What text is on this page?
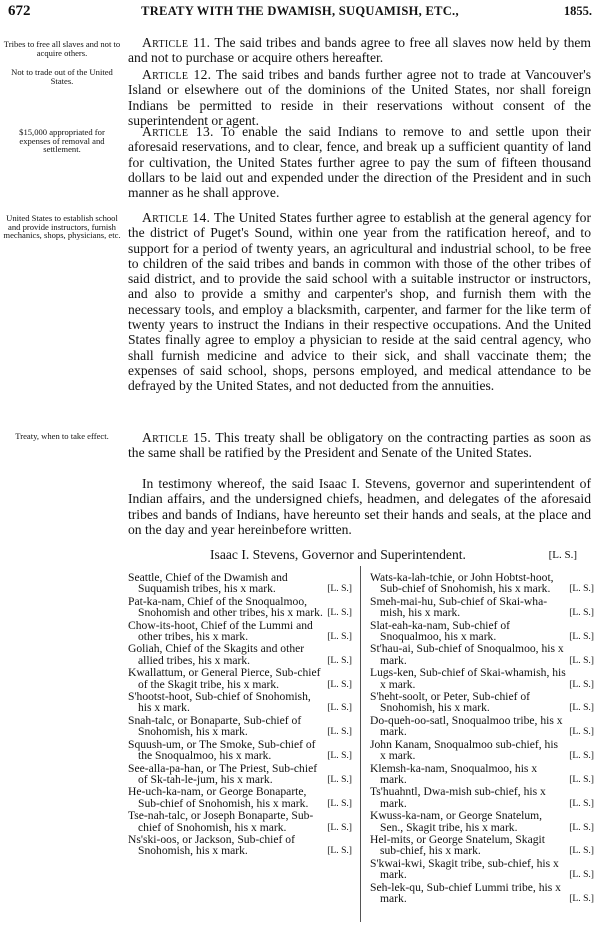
672	TREATY WITH THE DWAMISH, SUQUAMISH, ETC.,	1855.
Tribes to free all slaves and not to acquire others.
Not to trade out of the United States.
$15,000 appropriated for expenses of removal and settlement.
United States to establish school and provide instructors, furnish mechanics, shops, physicians, etc.
Treaty, when to take effect.
Article 11. The said tribes and bands agree to free all slaves now held by them and not to purchase or acquire others hereafter.
Article 12. The said tribes and bands further agree not to trade at Vancouver's Island or elsewhere out of the dominions of the United States, nor shall foreign Indians be permitted to reside in their reservations without consent of the superintendent or agent.
Article 13. To enable the said Indians to remove to and settle upon their aforesaid reservations, and to clear, fence, and break up a sufficient quantity of land for cultivation, the United States further agree to pay the sum of fifteen thousand dollars to be laid out and expended under the direction of the President and in such manner as he shall approve.
Article 14. The United States further agree to establish at the general agency for the district of Puget's Sound, within one year from the ratification hereof, and to support for a period of twenty years, an agricultural and industrial school, to be free to children of the said tribes and bands in common with those of the other tribes of said district, and to provide the said school with a suitable instructor or instructors, and also to provide a smithy and carpenter's shop, and furnish them with the necessary tools, and employ a blacksmith, carpenter, and farmer for the like term of twenty years to instruct the Indians in their respective occupations. And the United States finally agree to employ a physician to reside at the said central agency, who shall furnish medicine and advice to their sick, and shall vaccinate them; the expenses of said school, shops, persons employed, and medical attendance to be defrayed by the United States, and not deducted from the annuities.
Article 15. This treaty shall be obligatory on the contracting parties as soon as the same shall be ratified by the President and Senate of the United States.
In testimony whereof, the said Isaac I. Stevens, governor and superintendent of Indian affairs, and the undersigned chiefs, headmen, and delegates of the aforesaid tribes and bands of Indians, have hereunto set their hands and seals, at the place and on the day and year hereinbefore written.
Isaac I. Stevens, Governor and Superintendent.	[L. S.]
Seattle, Chief of the Dwamish and Suquamish tribes, his x mark.	[L. S.]
Pat-ka-nam, Chief of the Snoqualmoo, Snohomish and other tribes, his x mark. [L. S.]
Chow-its-hoot, Chief of the Lummi and other tribes, his x mark.	[L. S.]
Goliah, Chief of the Skagits and other allied tribes, his x mark.	[L. S.]
Kwallattum, or General Pierce, Sub-chief of the Skagit tribe, his x mark.	[L. S.]
S'hootst-hoot, Sub-chief of Snohomish, his x mark.	[L. S.]
Snah-talc, or Bonaparte, Sub-chief of Snohomish, his x mark.	[L. S.]
Squush-um, or The Smoke, Sub-chief of the Snoqualmoo, his x mark.	[L. S.]
See-alla-pa-han, or The Priest, Sub-chief of Sk-tah-le-jum, his x mark.	[L. S.]
He-uch-ka-nam, or George Bonaparte, Sub-chief of Snohomish, his x mark. [L. S.]
Tse-nah-talc, or Joseph Bonaparte, Sub-chief of Snohomish, his x mark.	[L. S.]
Ns'ski-oos, or Jackson, Sub-chief of Snohomish, his x mark.	[L. S.]
Wats-ka-lah-tchie, or John Hobtst-hoot, Sub-chief of Snohomish, his x mark. [L. S.]
Smeh-mai-hu, Sub-chief of Skai-wha-mish, his x mark.	[L. S.]
Slat-eah-ka-nam, Sub-chief of Snoqualmoo, his x mark.	[L. S.]
St'hau-ai, Sub-chief of Snoqualmoo, his x mark.	[L. S.]
Lugs-ken, Sub-chief of Skai-whamish, his x mark.	[L. S.]
S'heht-soolt, or Peter, Sub-chief of Snohomish, his x mark.	[L. S.]
Do-queh-oo-satl, Snoqualmoo tribe, his x mark.	[L. S.]
John Kanam, Snoqualmoo sub-chief, his x mark.	[L. S.]
Klemsh-ka-nam, Snoqualmoo, his x mark.	[L. S.]
Ts'huahntl, Dwa-mish sub-chief, his x mark.	[L. S.]
Kwuss-ka-nam, or George Snatelum, Sen., Skagit tribe, his x mark.	[L. S.]
Hel-mits, or George Snatelum, Skagit sub-chief, his x mark.	[L. S.]
S'kwai-kwi, Skagit tribe, sub-chief, his x mark.	[L. S.]
Seh-lek-qu, Sub-chief Lummi tribe, his x mark.	[L. S.]
